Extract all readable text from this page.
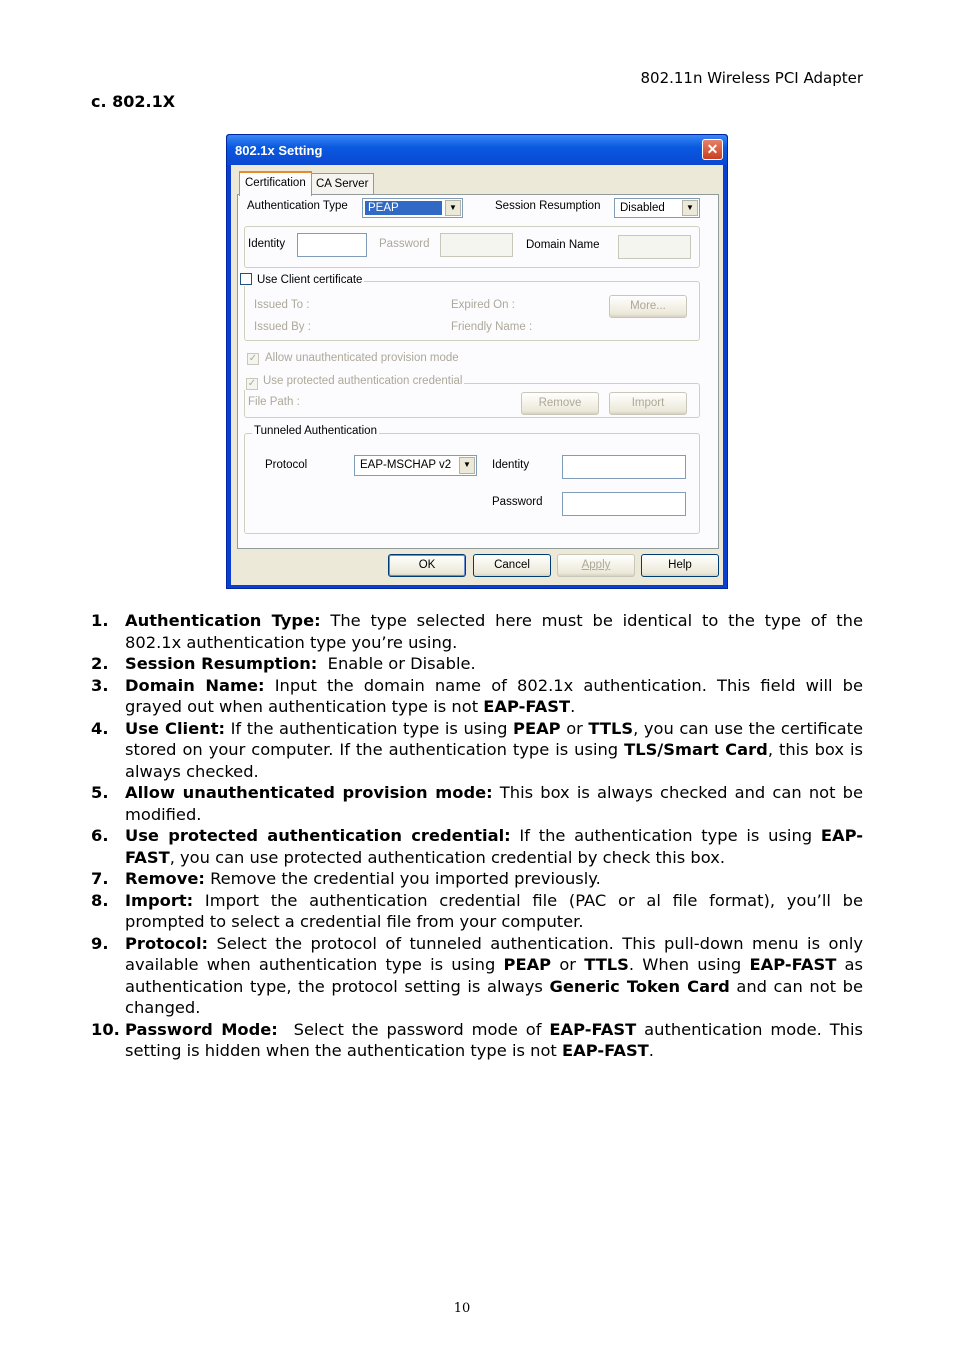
802.11n Wireless PCI Adapter
c. 802.1X
802.1x Setting	✕
Certification CA Server
Authentication Type PEAP	▼	Session Resumption Disabled	▼
Identity	Password	Domain Name
Issued To :	Expired On :	More...
Issued By :	Friendly Name :
Use Client certificate
✓ Allow unauthenticated provision mode
File Path :	Remove	Import
✓ Use protected authentication credential
Protocol	EAP-MSCHAP v2	▼	Identity
Password
Tunneled Authentication
OK	Cancel	Apply	Help
1. Authentication Type: The type selected here must be identical to the type of the 802.1x authentication type you’re using.
2. Session Resumption:  Enable or Disable.
3. Domain Name: Input the domain name of 802.1x authentication. This field will be grayed out when authentication type is not EAP-FAST.
4. Use Client: If the authentication type is using PEAP or TTLS, you can use the certificate stored on your computer. If the authentication type is using TLS/Smart Card, this box is always checked.
5. Allow unauthenticated provision mode: This box is always checked and can not be modified.
6. Use protected authentication credential: If the authentication type is using EAP-FAST, you can use protected authentication credential by check this box.
7. Remove: Remove the credential you imported previously.
8. Import: Import the authentication credential file (PAC or al file format), you’ll be prompted to select a credential file from your computer.
9. Protocol: Select the protocol of tunneled authentication. This pull-down menu is only available when authentication type is using PEAP or TTLS. When using EAP-FAST as authentication type, the protocol setting is always Generic Token Card and can not be changed.
10. Password Mode:  Select the password mode of EAP-FAST authentication mode. This setting is hidden when the authentication type is not EAP-FAST.
10
